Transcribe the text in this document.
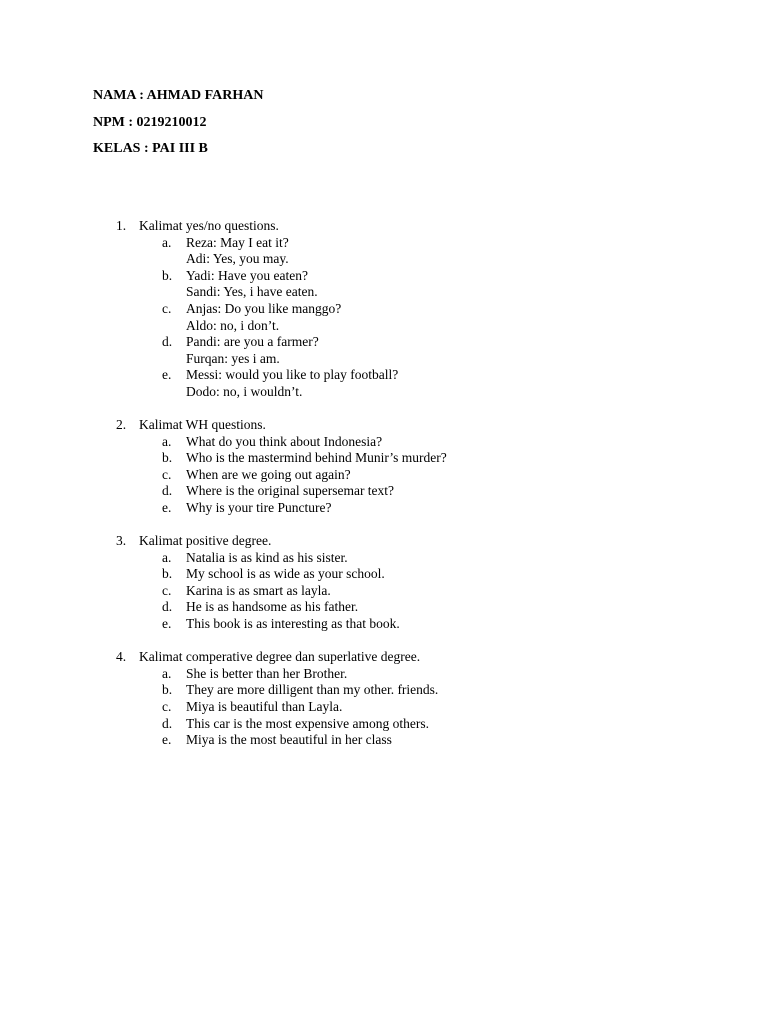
NAMA : AHMAD FARHAN
NPM : 0219210012
KELAS : PAI III B
1. Kalimat yes/no questions.
a. Reza: May I eat it?
Adi: Yes, you may.
b. Yadi: Have you eaten?
Sandi: Yes, i have eaten.
c. Anjas: Do you like manggo?
Aldo: no, i don’t.
d. Pandi: are you a farmer?
Furqan: yes i am.
e. Messi: would you like to play football?
Dodo: no, i wouldn’t.
2. Kalimat WH questions.
a. What do you think about Indonesia?
b. Who is the mastermind behind Munir’s murder?
c. When are we going out again?
d. Where is the original supersemar text?
e. Why is your tire Puncture?
3. Kalimat positive degree.
a. Natalia is as kind as his sister.
b. My school is as wide as your school.
c. Karina is as smart as layla.
d. He is as handsome as his father.
e. This book is as interesting as that book.
4. Kalimat comperative degree dan superlative degree.
a. She is better than her Brother.
b. They are more dilligent than my other. friends.
c. Miya is beautiful than Layla.
d. This car is the most expensive among others.
e. Miya is the most beautiful in her class
